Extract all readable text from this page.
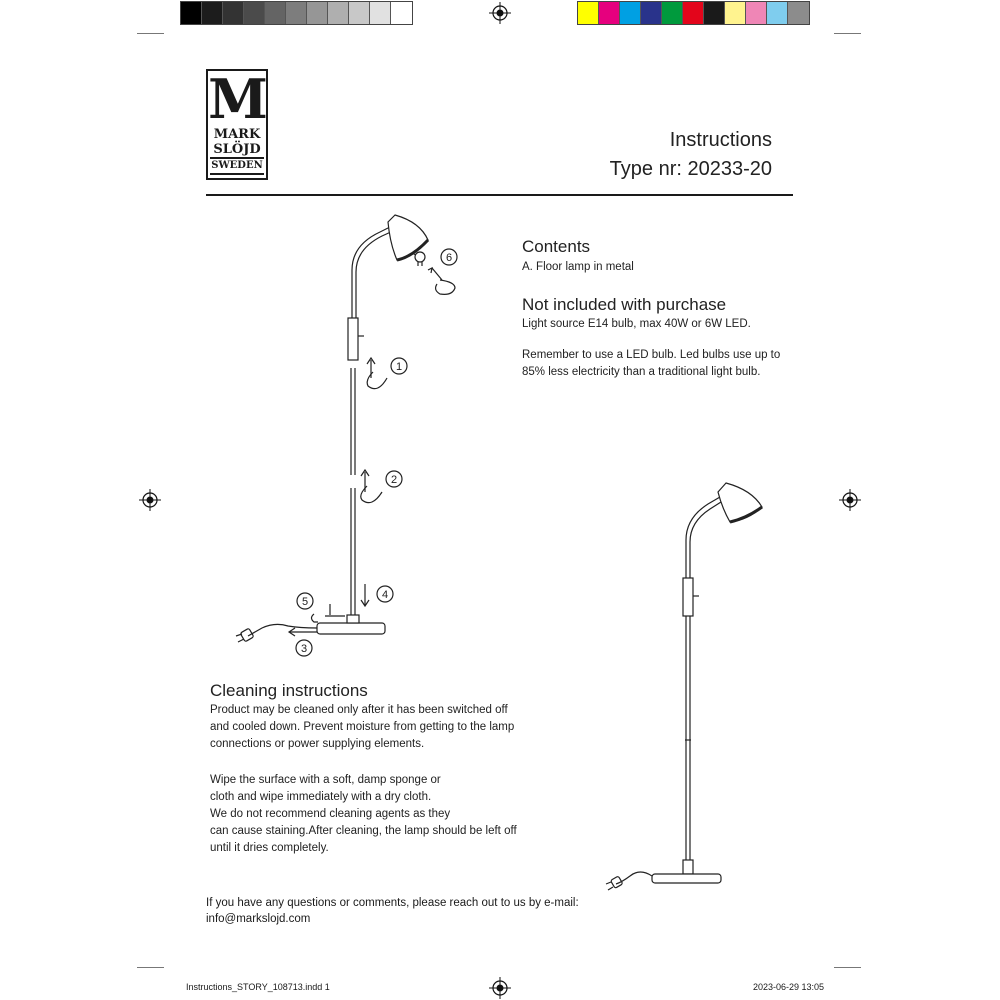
M
MARK
SLÖJD
SWEDEN
Instructions
Type nr: 20233-20
Contents
A. Floor lamp in metal
Not included with purchase
Light source E14 bulb, max 40W or 6W LED.
Remember to use a LED bulb. Led bulbs use up to 85% less electricity than a traditional light bulb.
1
2
3
4
5
6
Cleaning instructions
Product may be cleaned only after it has been switched off
and cooled down. Prevent moisture from getting to the lamp
connections or power supplying elements.
Wipe the surface with a soft, damp sponge or
cloth and wipe immediately with a dry cloth.
We do not recommend cleaning agents as they
can cause staining.After cleaning, the lamp should be left off
until it dries completely.
If you have any questions or comments, please reach out to us by e-mail:
info@markslojd.com
Instructions_STORY_108713.indd 1	2023-06-29 13:05
